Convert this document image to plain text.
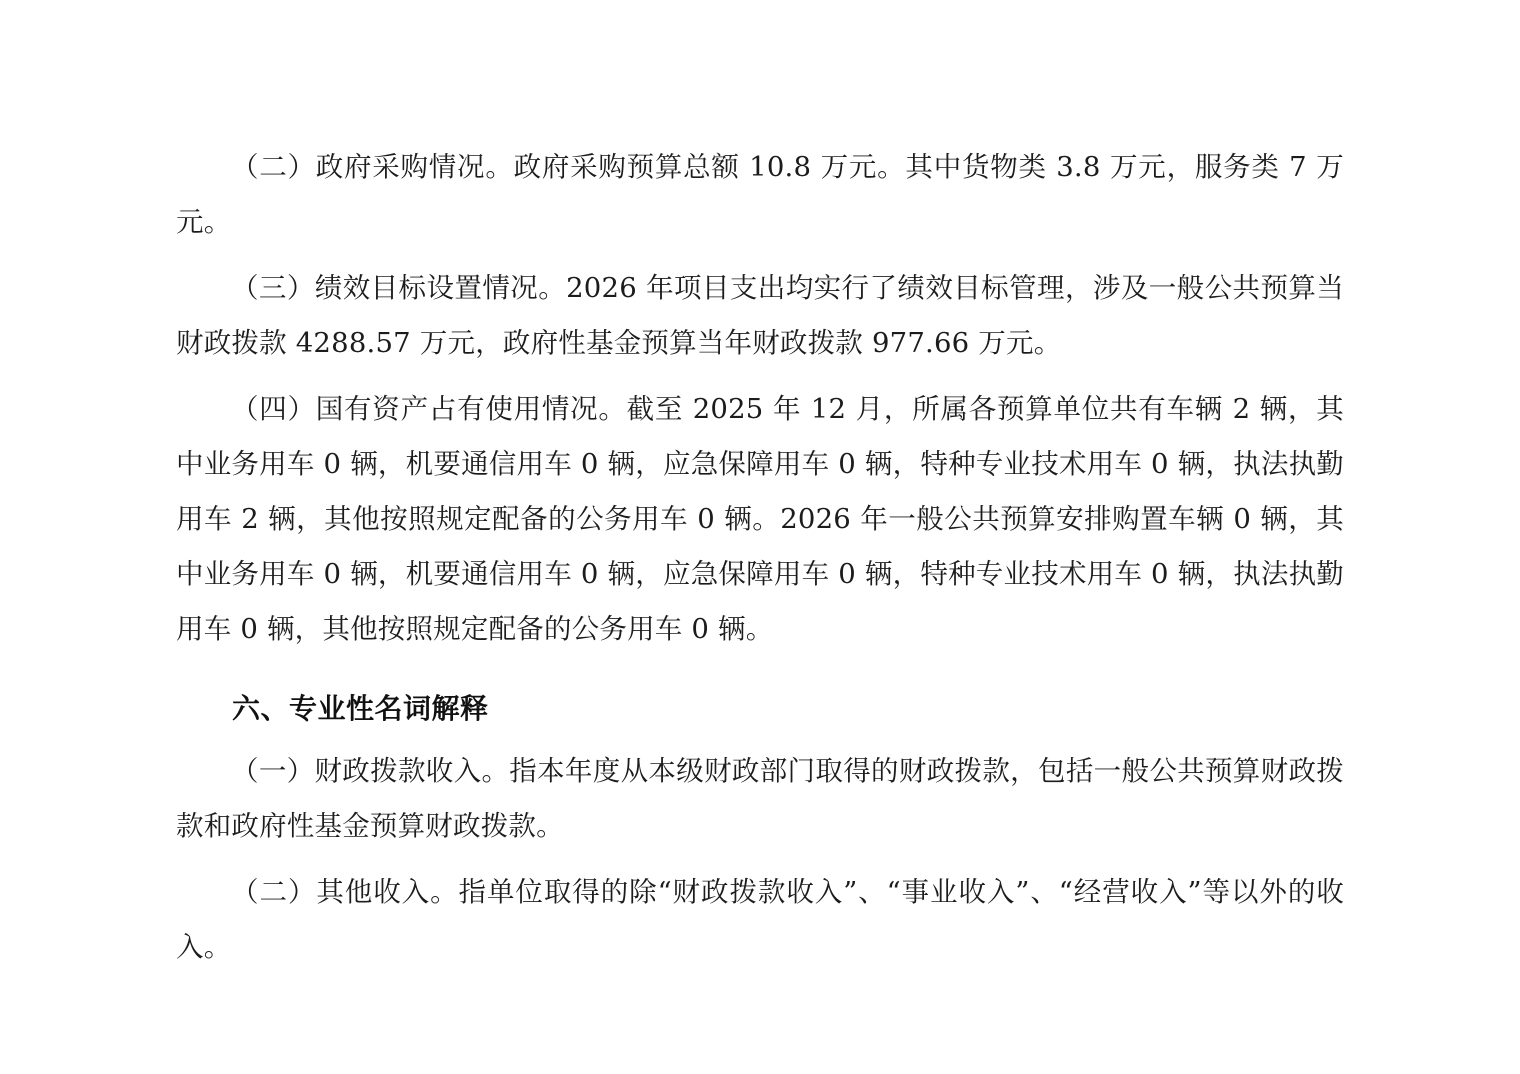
（二）政府采购情况。政府采购预算总额 10.8 万元。其中货物类 3.8 万元，服务类 7 万元。

（三）绩效目标设置情况。2026 年项目支出均实行了绩效目标管理，涉及一般公共预算当财政拨款 4288.57 万元，政府性基金预算当年财政拨款 977.66 万元。

（四）国有资产占有使用情况。截至 2025 年 12 月，所属各预算单位共有车辆 2 辆，其中业务用车 0 辆，机要通信用车 0 辆，应急保障用车 0 辆，特种专业技术用车 0 辆，执法执勤用车 2 辆，其他按照规定配备的公务用车 0 辆。2026 年一般公共预算安排购置车辆 0 辆，其中业务用车 0 辆，机要通信用车 0 辆，应急保障用车 0 辆，特种专业技术用车 0 辆，执法执勤用车 0 辆，其他按照规定配备的公务用车 0 辆。

六、专业性名词解释

（一）财政拨款收入。指本年度从本级财政部门取得的财政拨款，包括一般公共预算财政拨款和政府性基金预算财政拨款。

（二）其他收入。指单位取得的除“财政拨款收入”、“事业收入”、“经营收入”等以外的收入。
